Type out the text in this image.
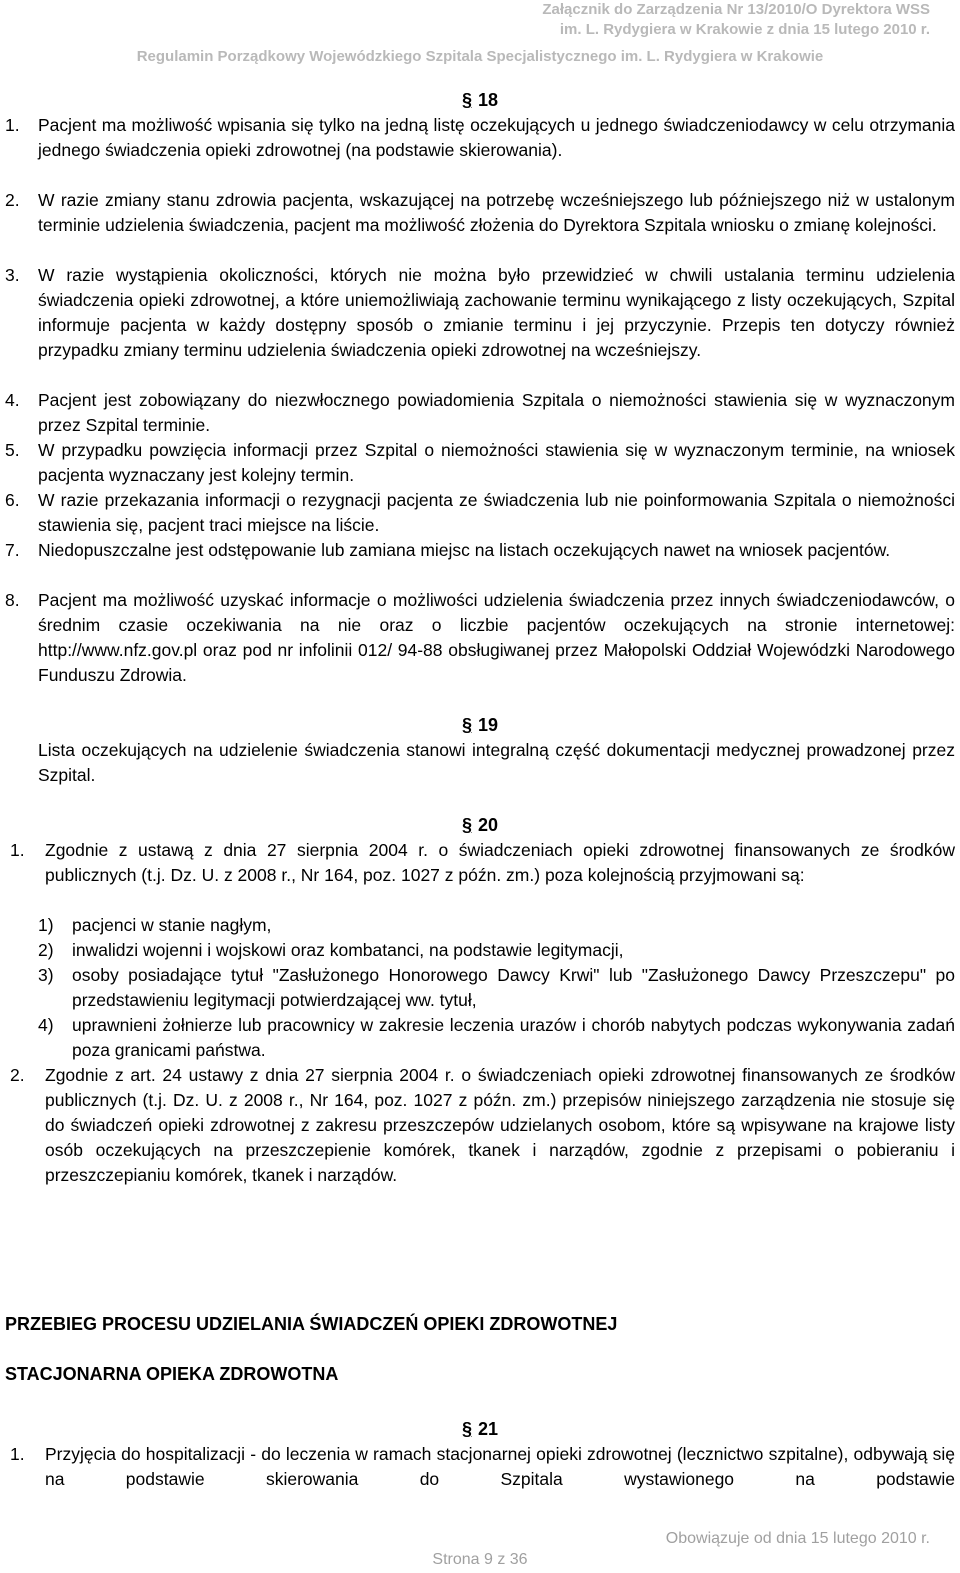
Załącznik do Zarządzenia Nr 13/2010/O Dyrektora WSS
im. L. Rydygiera w Krakowie z dnia 15 lutego 2010 r.
Regulamin Porządkowy Wojewódzkiego Szpitala Specjalistycznego im. L. Rydygiera w Krakowie
§ 18
1. Pacjent ma możliwość wpisania się tylko na jedną listę oczekujących u jednego świadczeniodawcy w celu otrzymania jednego świadczenia opieki zdrowotnej (na podstawie skierowania).
2. W razie zmiany stanu zdrowia pacjenta, wskazującej na potrzebę wcześniejszego lub późniejszego niż w ustalonym terminie udzielenia świadczenia, pacjent ma możliwość złożenia do Dyrektora Szpitala wniosku o zmianę kolejności.
3. W razie wystąpienia okoliczności, których nie można było przewidzieć w chwili ustalania terminu udzielenia świadczenia opieki zdrowotnej, a które uniemożliwiają zachowanie terminu wynikającego z listy oczekujących, Szpital informuje pacjenta w każdy dostępny sposób o zmianie terminu i jej przyczynie. Przepis ten dotyczy również przypadku zmiany terminu udzielenia świadczenia opieki zdrowotnej na wcześniejszy.
4. Pacjent jest zobowiązany do niezwłocznego powiadomienia Szpitala o niemożności stawienia się w wyznaczonym przez Szpital terminie.
5. W przypadku powzięcia informacji przez Szpital o niemożności stawienia się w wyznaczonym terminie, na wniosek pacjenta wyznaczany jest kolejny termin.
6. W razie przekazania informacji o rezygnacji pacjenta ze świadczenia lub nie poinformowania Szpitala o niemożności stawienia się, pacjent traci miejsce na liście.
7. Niedopuszczalne jest odstępowanie lub zamiana miejsc na listach oczekujących nawet na wniosek pacjentów.
8. Pacjent ma możliwość uzyskać informacje o możliwości udzielenia świadczenia przez innych świadczeniodawców, o średnim czasie oczekiwania na nie oraz o liczbie pacjentów oczekujących na stronie internetowej: http://www.nfz.gov.pl oraz pod nr infolinii 012/ 94-88 obsługiwanej przez Małopolski Oddział Wojewódzki Narodowego Funduszu Zdrowia.
§ 19
Lista oczekujących na udzielenie świadczenia stanowi integralną część dokumentacji medycznej prowadzonej przez Szpital.
§ 20
1. Zgodnie z ustawą z dnia 27 sierpnia 2004 r. o świadczeniach opieki zdrowotnej finansowanych ze środków publicznych (t.j. Dz. U. z 2008 r., Nr 164, poz. 1027 z późn. zm.) poza kolejnością przyjmowani są:
1) pacjenci w stanie nagłym,
2) inwalidzi wojenni i wojskowi oraz kombatanci, na podstawie legitymacji,
3) osoby posiadające tytuł "Zasłużonego Honorowego Dawcy Krwi" lub "Zasłużonego Dawcy Przeszczepu" po przedstawieniu legitymacji potwierdzającej ww. tytuł,
4) uprawnieni żołnierze lub pracownicy w zakresie leczenia urazów i chorób nabytych podczas wykonywania zadań poza granicami państwa.
2. Zgodnie z art. 24 ustawy z dnia 27 sierpnia 2004 r. o świadczeniach opieki zdrowotnej finansowanych ze środków publicznych (t.j. Dz. U. z 2008 r., Nr 164, poz. 1027 z późn. zm.) przepisów niniejszego zarządzenia nie stosuje się do świadczeń opieki zdrowotnej z zakresu przeszczepów udzielanych osobom, które są wpisywane na krajowe listy osób oczekujących na przeszczepienie komórek, tkanek i narządów, zgodnie z przepisami o pobieraniu i przeszczepianiu komórek, tkanek i narządów.
PRZEBIEG PROCESU UDZIELANIA ŚWIADCZEŃ OPIEKI ZDROWOTNEJ
STACJONARNA OPIEKA ZDROWOTNA
§ 21
1. Przyjęcia do hospitalizacji - do leczenia w ramach stacjonarnej opieki zdrowotnej (lecznictwo szpitalne), odbywają się na podstawie skierowania do Szpitala wystawionego na podstawie
Obowiązuje od dnia 15 lutego 2010 r.
Strona 9 z 36
